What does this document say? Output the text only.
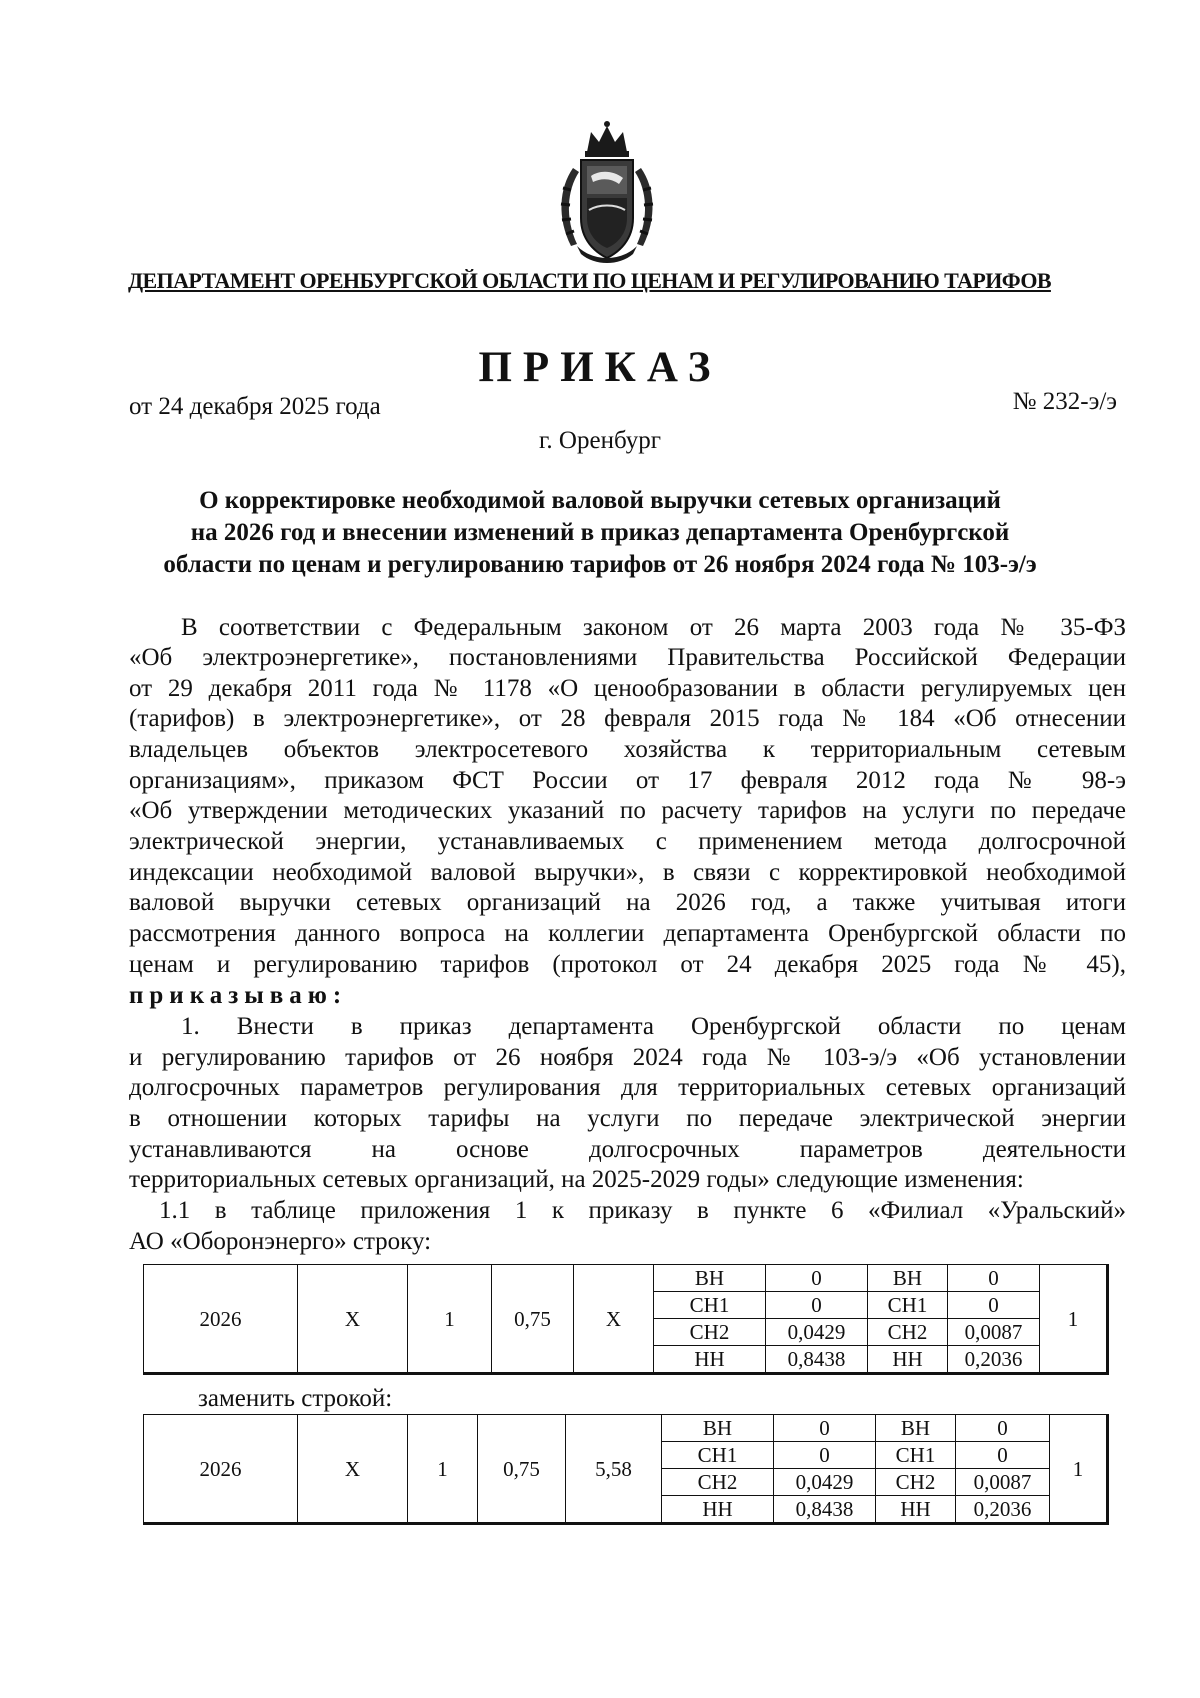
ДЕПАРТАМЕНТ ОРЕНБУРГСКОЙ ОБЛАСТИ ПО ЦЕНАМ И РЕГУЛИРОВАНИЮ ТАРИФОВ
ПРИКАЗ
от 24 декабря 2025 года	№ 232-э/э
г. Оренбург
О корректировке необходимой валовой выручки сетевых организаций
на 2026 год и внесении изменений в приказ департамента Оренбургской
области по ценам и регулированию тарифов от 26 ноября 2024 года № 103-э/э
В соответствии с Федеральным законом от 26 марта 2003 года № 35-ФЗ
«Об электроэнергетике», постановлениями Правительства Российской Федерации
от 29 декабря 2011 года № 1178 «О ценообразовании в области регулируемых цен
(тарифов) в электроэнергетике», от 28 февраля 2015 года № 184 «Об отнесении
владельцев объектов электросетевого хозяйства к территориальным сетевым
организациям», приказом ФСТ России от 17 февраля 2012 года № 98-э
«Об утверждении методических указаний по расчету тарифов на услуги по передаче
электрической энергии, устанавливаемых с применением метода долгосрочной
индексации необходимой валовой выручки», в связи с корректировкой необходимой
валовой выручки сетевых организаций на 2026 год, а также учитывая итоги
рассмотрения данного вопроса на коллегии департамента Оренбургской области по
ценам и регулированию тарифов (протокол от 24 декабря 2025 года № 45),
приказываю:
1. Внести в приказ департамента Оренбургской области по ценам
и регулированию тарифов от 26 ноября 2024 года № 103-э/э «Об установлении
долгосрочных параметров регулирования для территориальных сетевых организаций
в отношении которых тарифы на услуги по передаче электрической энергии
устанавливаются на основе долгосрочных параметров деятельности
территориальных сетевых организаций, на 2025-2029 годы» следующие изменения:
1.1 в таблице приложения 1 к приказу в пункте 6 «Филиал «Уральский»
АО «Оборонэнерго» строку:
2026	X	1	0,75	X	ВН	0	ВН	0	1
					СН1	0	СН1	0	
					СН2	0,0429	СН2	0,0087	
					НН	0,8438	НН	0,2036	
заменить строкой:
2026	X	1	0,75	5,58	ВН	0	ВН	0	1
					СН1	0	СН1	0	
					СН2	0,0429	СН2	0,0087	
					НН	0,8438	НН	0,2036	
